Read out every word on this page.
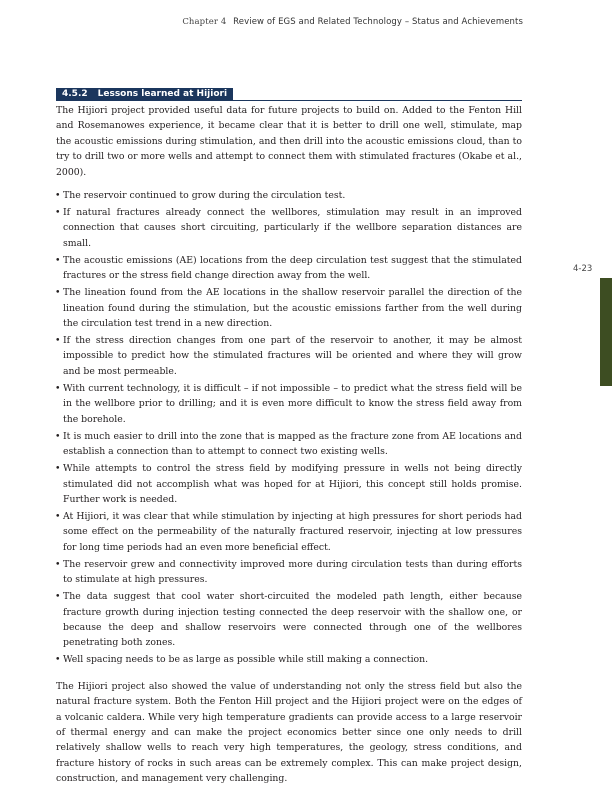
Chapter 4 Review of EGS and Related Technology – Status and Achievements
4-23
4.5.2 Lessons learned at Hijiori

The Hijiori project provided useful data for future projects to build on. Added to the Fenton Hill and Rosemanowes experience, it became clear that it is better to drill one well, stimulate, map the acoustic emissions during stimulation, and then drill into the acoustic emissions cloud, than to try to drill two or more wells and attempt to connect them with stimulated fractures (Okabe et al., 2000).

• The reservoir continued to grow during the circulation test.
• If natural fractures already connect the wellbores, stimulation may result in an improved connection that causes short circuiting, particularly if the wellbore separation distances are small.
• The acoustic emissions (AE) locations from the deep circulation test suggest that the stimulated fractures or the stress field change direction away from the well.
• The lineation found from the AE locations in the shallow reservoir parallel the direction of the lineation found during the stimulation, but the acoustic emissions farther from the well during the circulation test trend in a new direction.
• If the stress direction changes from one part of the reservoir to another, it may be almost impossible to predict how the stimulated fractures will be oriented and where they will grow and be most permeable.
• With current technology, it is difficult – if not impossible – to predict what the stress field will be in the wellbore prior to drilling; and it is even more difficult to know the stress field away from the borehole.
• It is much easier to drill into the zone that is mapped as the fracture zone from AE locations and establish a connection than to attempt to connect two existing wells.
• While attempts to control the stress field by modifying pressure in wells not being directly stimulated did not accomplish what was hoped for at Hijiori, this concept still holds promise. Further work is needed.
• At Hijiori, it was clear that while stimulation by injecting at high pressures for short periods had some effect on the permeability of the naturally fractured reservoir, injecting at low pressures for long time periods had an even more beneficial effect.
• The reservoir grew and connectivity improved more during circulation tests than during efforts to stimulate at high pressures.
• The data suggest that cool water short-circuited the modeled path length, either because fracture growth during injection testing connected the deep reservoir with the shallow one, or because the deep and shallow reservoirs were connected through one of the wellbores penetrating both zones.
• Well spacing needs to be as large as possible while still making a connection.

The Hijiori project also showed the value of understanding not only the stress field but also the natural fracture system. Both the Fenton Hill project and the Hijiori project were on the edges of a volcanic caldera. While very high temperature gradients can provide access to a large reservoir of thermal energy and can make the project economics better since one only needs to drill relatively shallow wells to reach very high temperatures, the geology, stress conditions, and fracture history of rocks in such areas can be extremely complex. This can make project design, construction, and management very challenging.
